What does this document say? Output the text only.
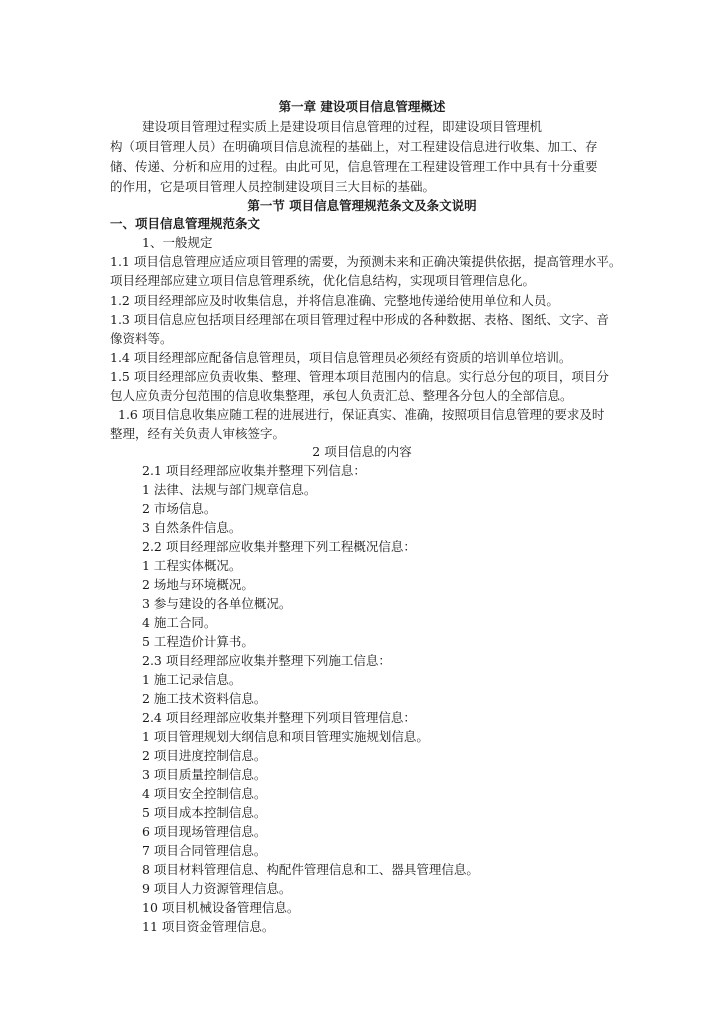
第一章 建设项目信息管理概述
建设项目管理过程实质上是建设项目信息管理的过程，即建设项目管理机
构（项目管理人员）在明确项目信息流程的基础上，对工程建设信息进行收集、加工、存
储、传递、分析和应用的过程。由此可见，信息管理在工程建设管理工作中具有十分重要
的作用，它是项目管理人员控制建设项目三大目标的基础。
第一节 项目信息管理规范条文及条文说明
一、项目信息管理规范条文
1、一般规定
1.1 项目信息管理应适应项目管理的需要，为预测未来和正确决策提供依据，提高管理水平。
项目经理部应建立项目信息管理系统，优化信息结构，实现项目管理信息化。
1.2 项目经理部应及时收集信息，并将信息准确、完整地传递给使用单位和人员。
1.3 项目信息应包括项目经理部在项目管理过程中形成的各种数据、表格、图纸、文字、音
像资料等。
1.4 项目经理部应配备信息管理员，项目信息管理员必须经有资质的培训单位培训。
1.5 项目经理部应负责收集、整理、管理本项目范围内的信息。实行总分包的项目，项目分
包人应负责分包范围的信息收集整理，承包人负责汇总、整理各分包人的全部信息。
1.6 项目信息收集应随工程的进展进行，保证真实、准确，按照项目信息管理的要求及时
整理，经有关负责人审核签字。
2 项目信息的内容
2.1 项目经理部应收集并整理下列信息：
1 法律、法规与部门规章信息。
2 市场信息。
3 自然条件信息。
2.2 项目经理部应收集并整理下列工程概况信息：
1 工程实体概况。
2 场地与环境概况。
3 参与建设的各单位概况。
4 施工合同。
5 工程造价计算书。
2.3 项目经理部应收集并整理下列施工信息：
1 施工记录信息。
2 施工技术资料信息。
2.4 项目经理部应收集并整理下列项目管理信息：
1 项目管理规划大纲信息和项目管理实施规划信息。
2 项目进度控制信息。
3 项目质量控制信息。
4 项目安全控制信息。
5 项目成本控制信息。
6 项目现场管理信息。
7 项目合同管理信息。
8 项目材料管理信息、构配件管理信息和工、器具管理信息。
9 项目人力资源管理信息。
10 项目机械设备管理信息。
11 项目资金管理信息。
